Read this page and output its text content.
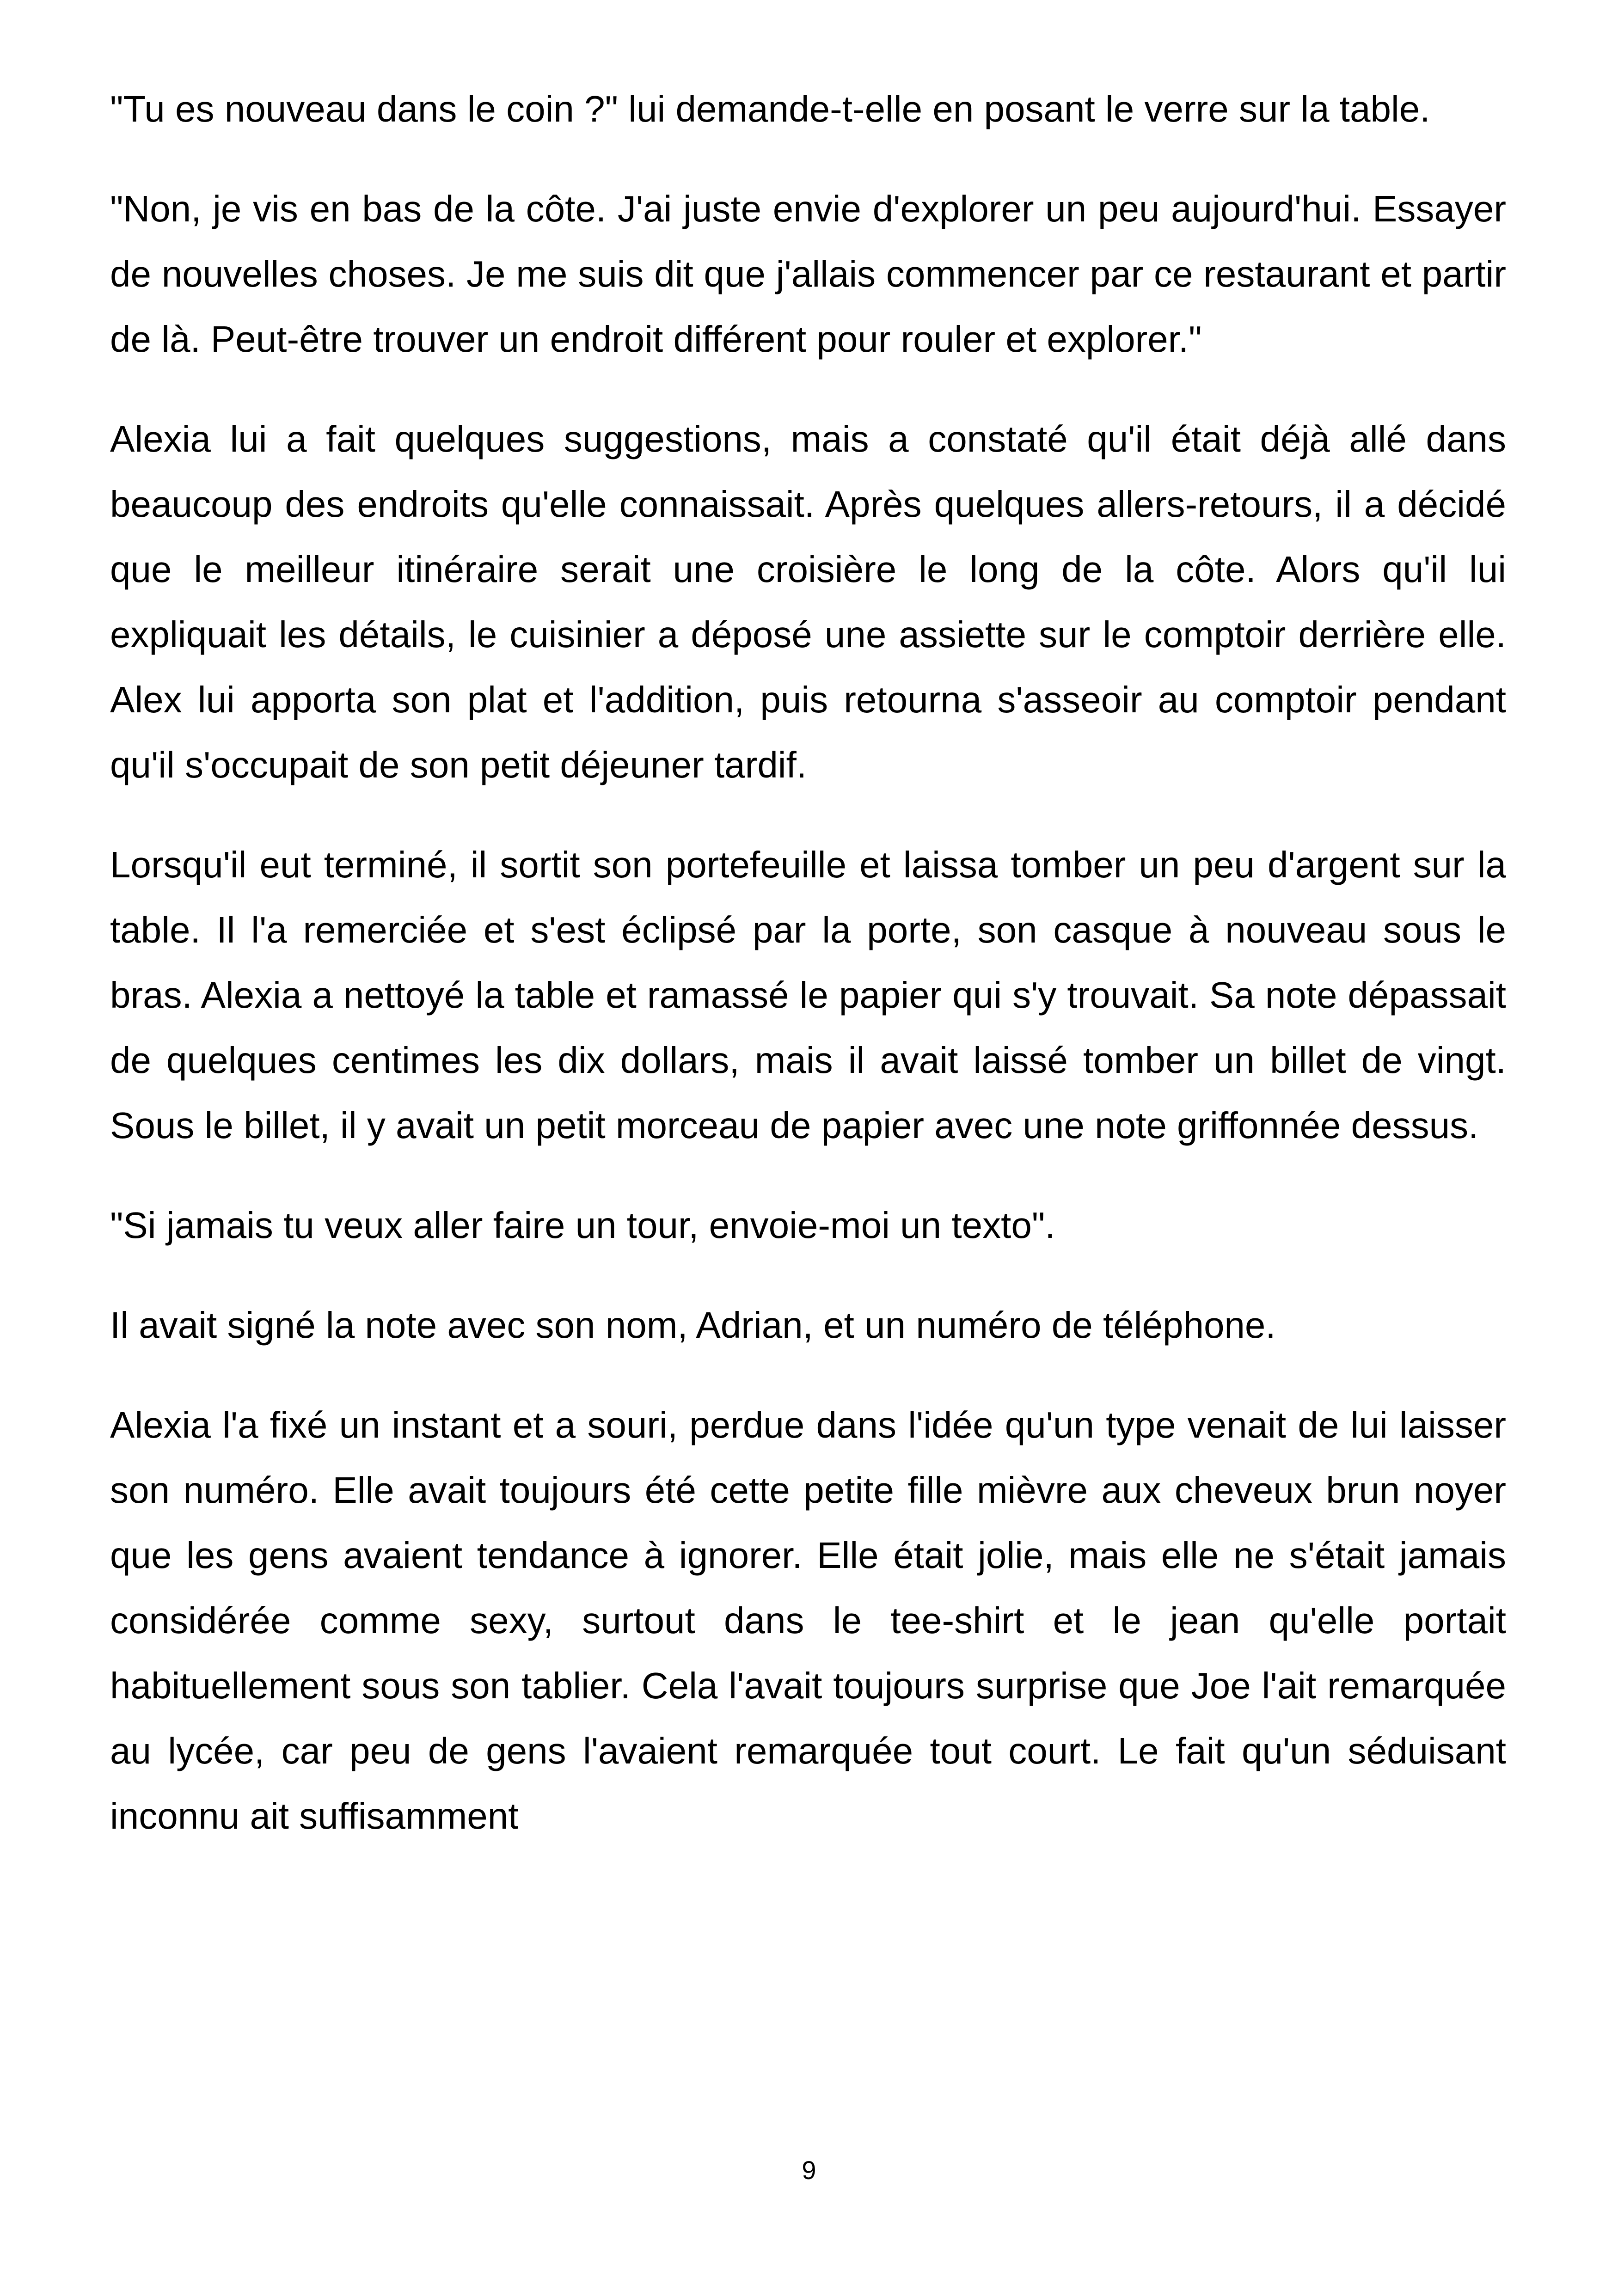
"Tu es nouveau dans le coin ?" lui demande-t-elle en posant le verre sur la table.

"Non, je vis en bas de la côte. J'ai juste envie d'explorer un peu aujourd'hui. Essayer de nouvelles choses. Je me suis dit que j'allais commencer par ce restaurant et partir de là. Peut-être trouver un endroit différent pour rouler et explorer."

Alexia lui a fait quelques suggestions, mais a constaté qu'il était déjà allé dans beaucoup des endroits qu'elle connaissait. Après quelques allers-retours, il a décidé que le meilleur itinéraire serait une croisière le long de la côte. Alors qu'il lui expliquait les détails, le cuisinier a déposé une assiette sur le comptoir derrière elle. Alex lui apporta son plat et l'addition, puis retourna s'asseoir au comptoir pendant qu'il s'occupait de son petit déjeuner tardif.

Lorsqu'il eut terminé, il sortit son portefeuille et laissa tomber un peu d'argent sur la table. Il l'a remerciée et s'est éclipsé par la porte, son casque à nouveau sous le bras. Alexia a nettoyé la table et ramassé le papier qui s'y trouvait. Sa note dépassait de quelques centimes les dix dollars, mais il avait laissé tomber un billet de vingt. Sous le billet, il y avait un petit morceau de papier avec une note griffonnée dessus.

"Si jamais tu veux aller faire un tour, envoie-moi un texto".

Il avait signé la note avec son nom, Adrian, et un numéro de téléphone.

Alexia l'a fixé un instant et a souri, perdue dans l'idée qu'un type venait de lui laisser son numéro. Elle avait toujours été cette petite fille mièvre aux cheveux brun noyer que les gens avaient tendance à ignorer. Elle était jolie, mais elle ne s'était jamais considérée comme sexy, surtout dans le tee-shirt et le jean qu'elle portait habituellement sous son tablier. Cela l'avait toujours surprise que Joe l'ait remarquée au lycée, car peu de gens l'avaient remarquée tout court. Le fait qu'un séduisant inconnu ait suffisamment

9
